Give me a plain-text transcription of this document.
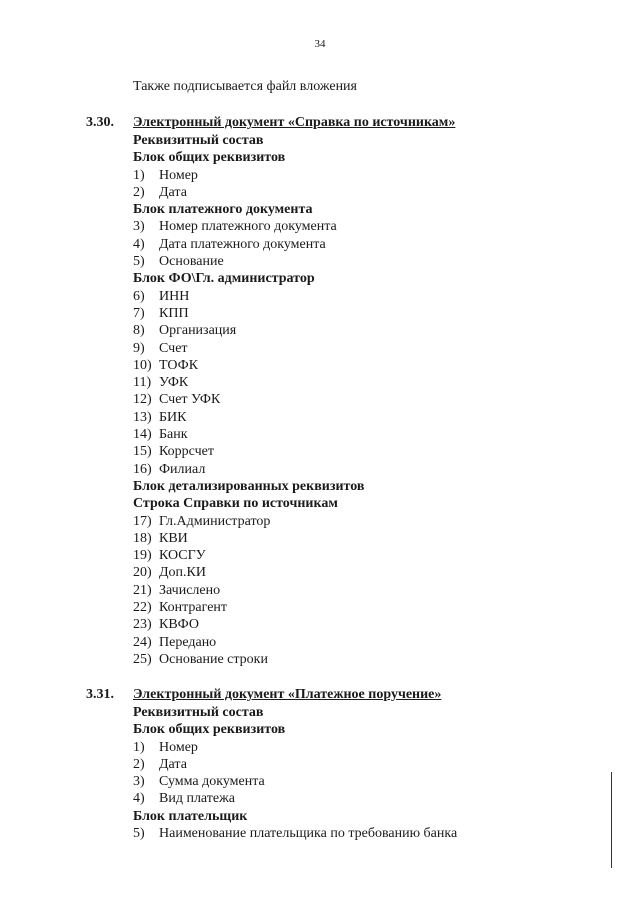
34
Также подписывается файл вложения
3.30. Электронный документ «Справка по источникам»
Реквизитный состав
Блок общих реквизитов
1) Номер
2) Дата
Блок платежного документа
3) Номер платежного документа
4) Дата платежного документа
5) Основание
Блок ФО\Гл. администратор
6) ИНН
7) КПП
8) Организация
9) Счет
10) ТОФК
11) УФК
12) Счет УФК
13) БИК
14) Банк
15) Коррсчет
16) Филиал
Блок детализированных реквизитов
Строка Справки по источникам
17) Гл.Администратор
18) КВИ
19) КОСГУ
20) Доп.КИ
21) Зачислено
22) Контрагент
23) КВФО
24) Передано
25) Основание строки
3.31. Электронный документ «Платежное поручение»
Реквизитный состав
Блок общих реквизитов
1) Номер
2) Дата
3) Сумма документа
4) Вид платежа
Блок плательщик
5) Наименование плательщика по требованию банка
